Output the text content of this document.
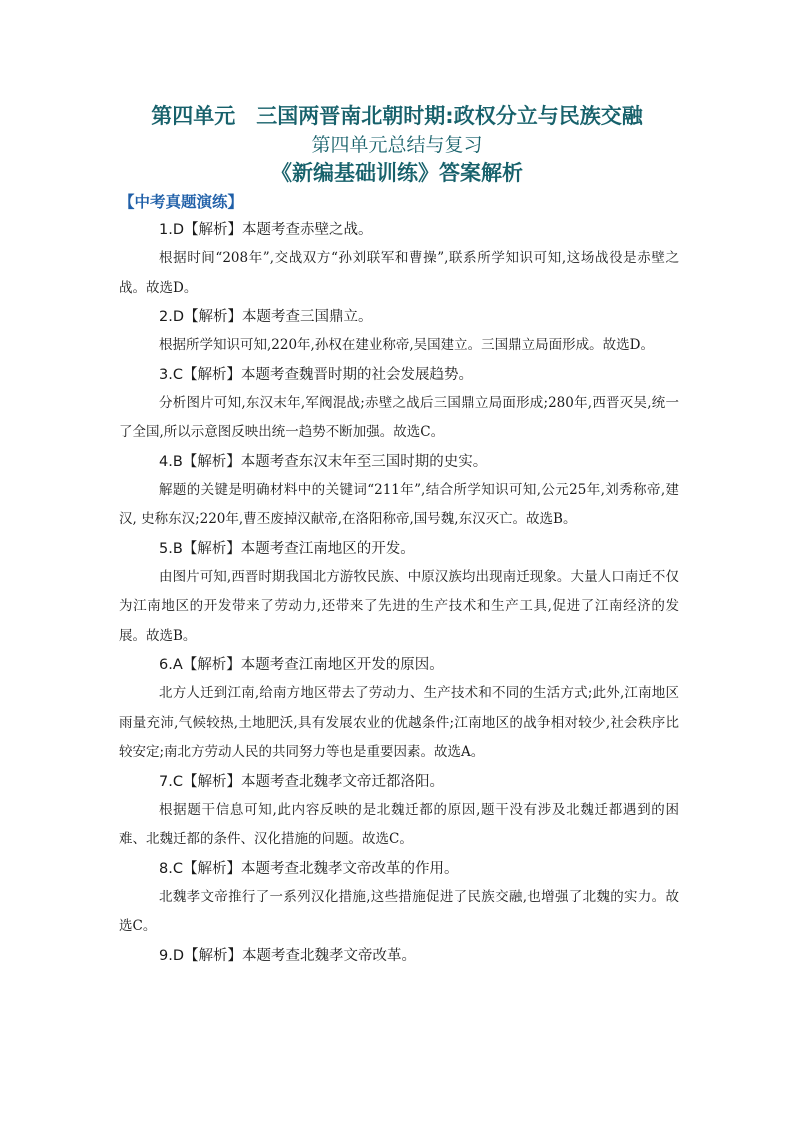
第四单元　三国两晋南北朝时期:政权分立与民族交融
第四单元总结与复习
《新编基础训练》答案解析
【中考真题演练】
1.D【解析】本题考查赤壁之战。
根据时间“208年”,交战双方“孙刘联军和曹操”,联系所学知识可知,这场战役是赤壁之战。故选D。
2.D【解析】本题考查三国鼎立。
根据所学知识可知,220年,孙权在建业称帝,吴国建立。三国鼎立局面形成。故选D。
3.C【解析】本题考查魏晋时期的社会发展趋势。
分析图片可知,东汉末年,军阀混战;赤壁之战后三国鼎立局面形成;280年,西晋灭吴,统一了全国,所以示意图反映出统一趋势不断加强。故选C。
4.B【解析】本题考查东汉末年至三国时期的史实。
解题的关键是明确材料中的关键词“211年”,结合所学知识可知,公元25年,刘秀称帝,建汉, 史称东汉;220年,曹丕废掉汉献帝,在洛阳称帝,国号魏,东汉灭亡。故选B。
5.B【解析】本题考查江南地区的开发。
由图片可知,西晋时期我国北方游牧民族、中原汉族均出现南迁现象。大量人口南迁不仅为江南地区的开发带来了劳动力,还带来了先进的生产技术和生产工具,促进了江南经济的发展。故选B。
6.A【解析】本题考查江南地区开发的原因。
北方人迁到江南,给南方地区带去了劳动力、生产技术和不同的生活方式;此外,江南地区雨量充沛,气候较热,土地肥沃,具有发展农业的优越条件;江南地区的战争相对较少,社会秩序比较安定;南北方劳动人民的共同努力等也是重要因素。故选A。
7.C【解析】本题考查北魏孝文帝迁都洛阳。
根据题干信息可知,此内容反映的是北魏迁都的原因,题干没有涉及北魏迁都遇到的困难、北魏迁都的条件、汉化措施的问题。故选C。
8.C【解析】本题考查北魏孝文帝改革的作用。
北魏孝文帝推行了一系列汉化措施,这些措施促进了民族交融,也增强了北魏的实力。故选C。
9.D【解析】本题考查北魏孝文帝改革。
